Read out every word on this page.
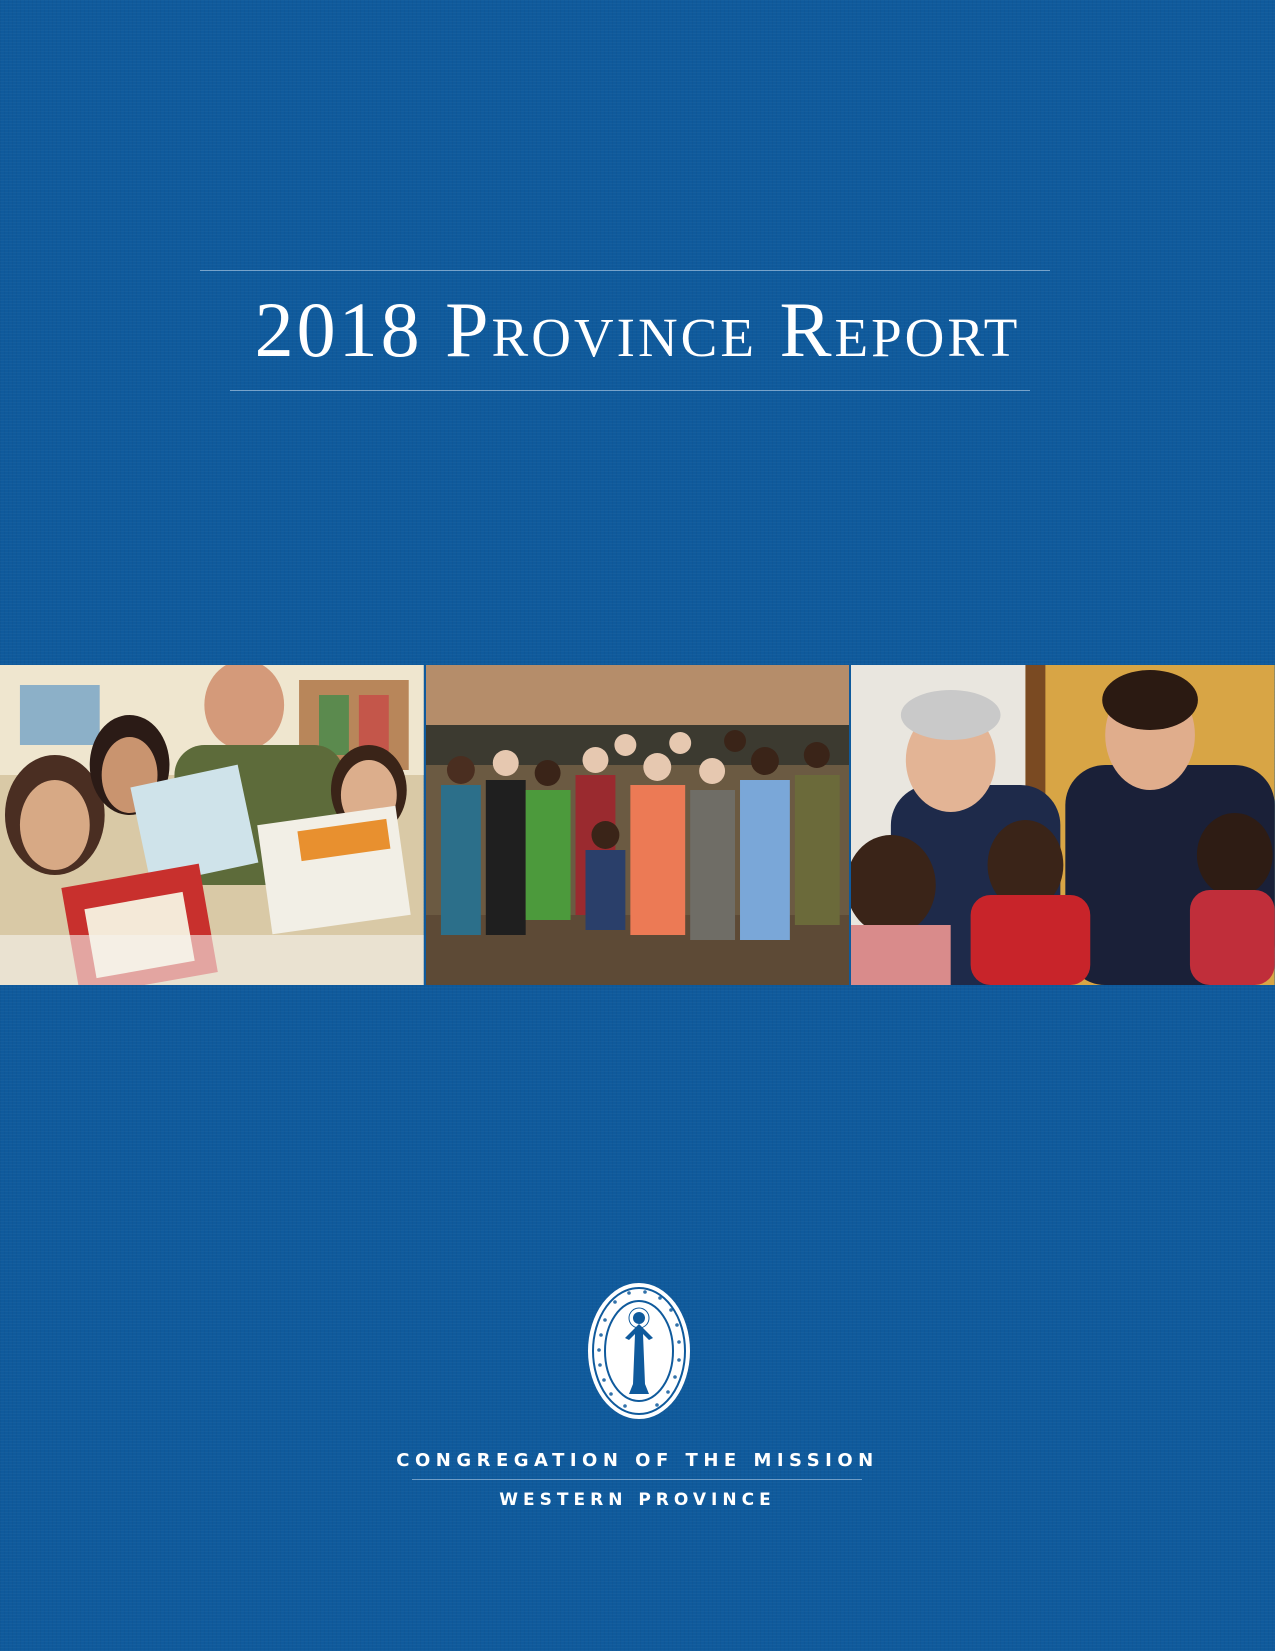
2018 Province Report
CONGREGATION OF THE MISSION
WESTERN PROVINCE
